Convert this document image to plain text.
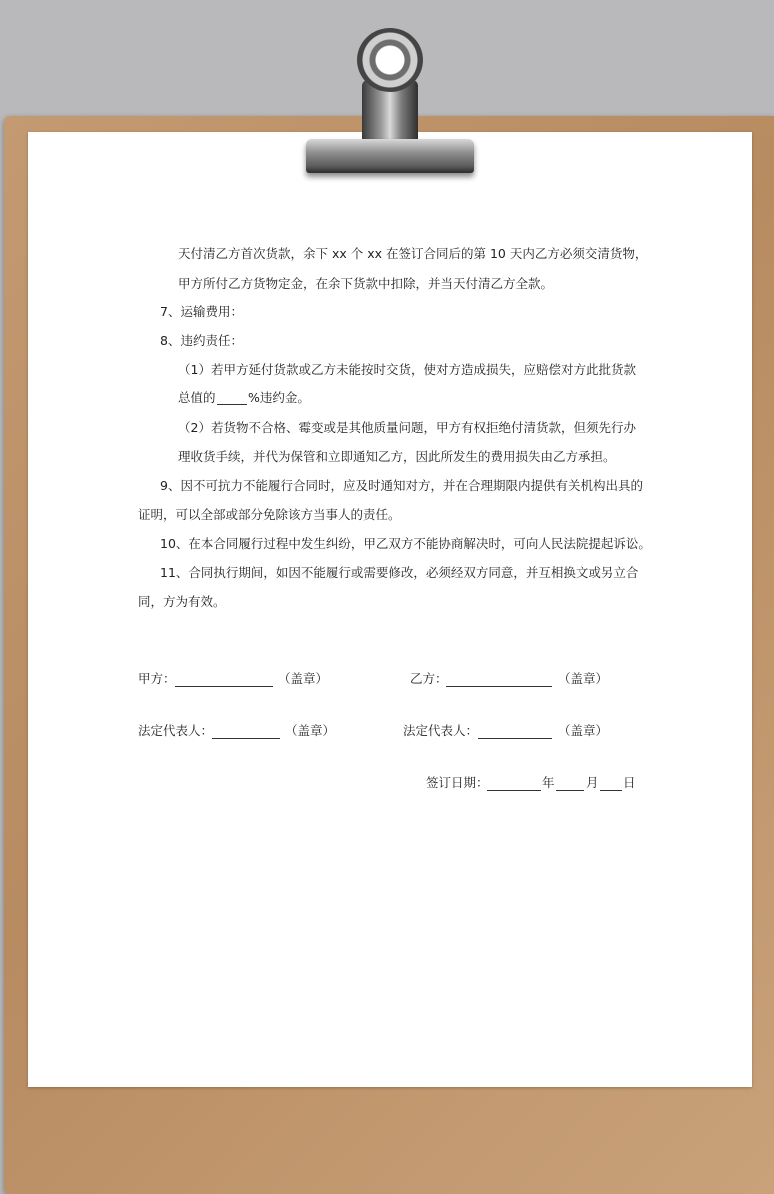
天付清乙方首次货款，余下 xx 个 xx 在签订合同后的第 10 天内乙方必须交清货物，
甲方所付乙方货物定金，在余下货款中扣除，并当天付清乙方全款。
7、运输费用：
8、违约责任：
（1）若甲方延付货款或乙方未能按时交货，使对方造成损失，应赔偿对方此批货款
总值的	%违约金。
（2）若货物不合格、霉变或是其他质量问题，甲方有权拒绝付清货款，但须先行办
理收货手续，并代为保管和立即通知乙方，因此所发生的费用损失由乙方承担。
9、因不可抗力不能履行合同时，应及时通知对方，并在合理期限内提供有关机构出具的
证明，可以全部或部分免除该方当事人的责任。
10、在本合同履行过程中发生纠纷，甲乙双方不能协商解决时，可向人民法院提起诉讼。
11、合同执行期间，如因不能履行或需要修改，必须经双方同意，并互相换文或另立合
同，方为有效。
甲方：	（盖章）	乙方：	（盖章）
法定代表人：	（盖章）	法定代表人：	（盖章）
签订日期：	年	月 日
